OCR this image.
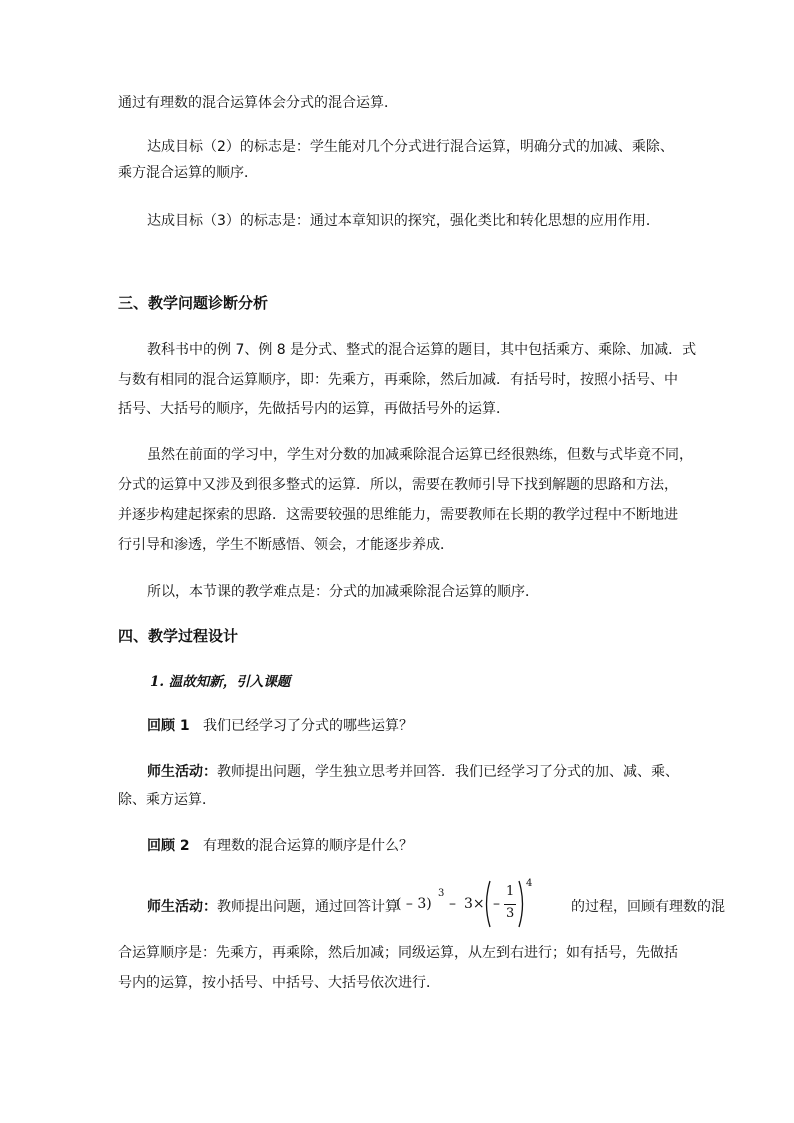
通过有理数的混合运算体会分式的混合运算．
达成目标（2）的标志是：学生能对几个分式进行混合运算，明确分式的加减、乘除、
乘方混合运算的顺序．
达成目标（3）的标志是：通过本章知识的探究，强化类比和转化思想的应用作用．
三、教学问题诊断分析
教科书中的例 7、例 8 是分式、整式的混合运算的题目，其中包括乘方、乘除、加减．式
与数有相同的混合运算顺序，即：先乘方，再乘除，然后加减．有括号时，按照小括号、中
括号、大括号的顺序，先做括号内的运算，再做括号外的运算．
虽然在前面的学习中，学生对分数的加减乘除混合运算已经很熟练，但数与式毕竟不同，
分式的运算中又涉及到很多整式的运算．所以，需要在教师引导下找到解题的思路和方法，
并逐步构建起探索的思路．这需要较强的思维能力，需要教师在长期的教学过程中不断地进
行引导和渗透，学生不断感悟、领会，才能逐步养成．
所以，本节课的教学难点是：分式的加减乘除混合运算的顺序．
四、教学过程设计
1. 温故知新，引入课题
回顾 1 我们已经学习了分式的哪些运算？
师生活动：教师提出问题，学生独立思考并回答．我们已经学习了分式的加、减、乘、
除、乘方运算．
回顾 2 有理数的混合运算的顺序是什么？
师生活动：教师提出问题，通过回答计算
( – 3)
3
– 3× –
1
3
4
的过程，回顾有理数的混
合运算顺序是：先乘方，再乘除，然后加减；同级运算，从左到右进行；如有括号，先做括
号内的运算，按小括号、中括号、大括号依次进行．
